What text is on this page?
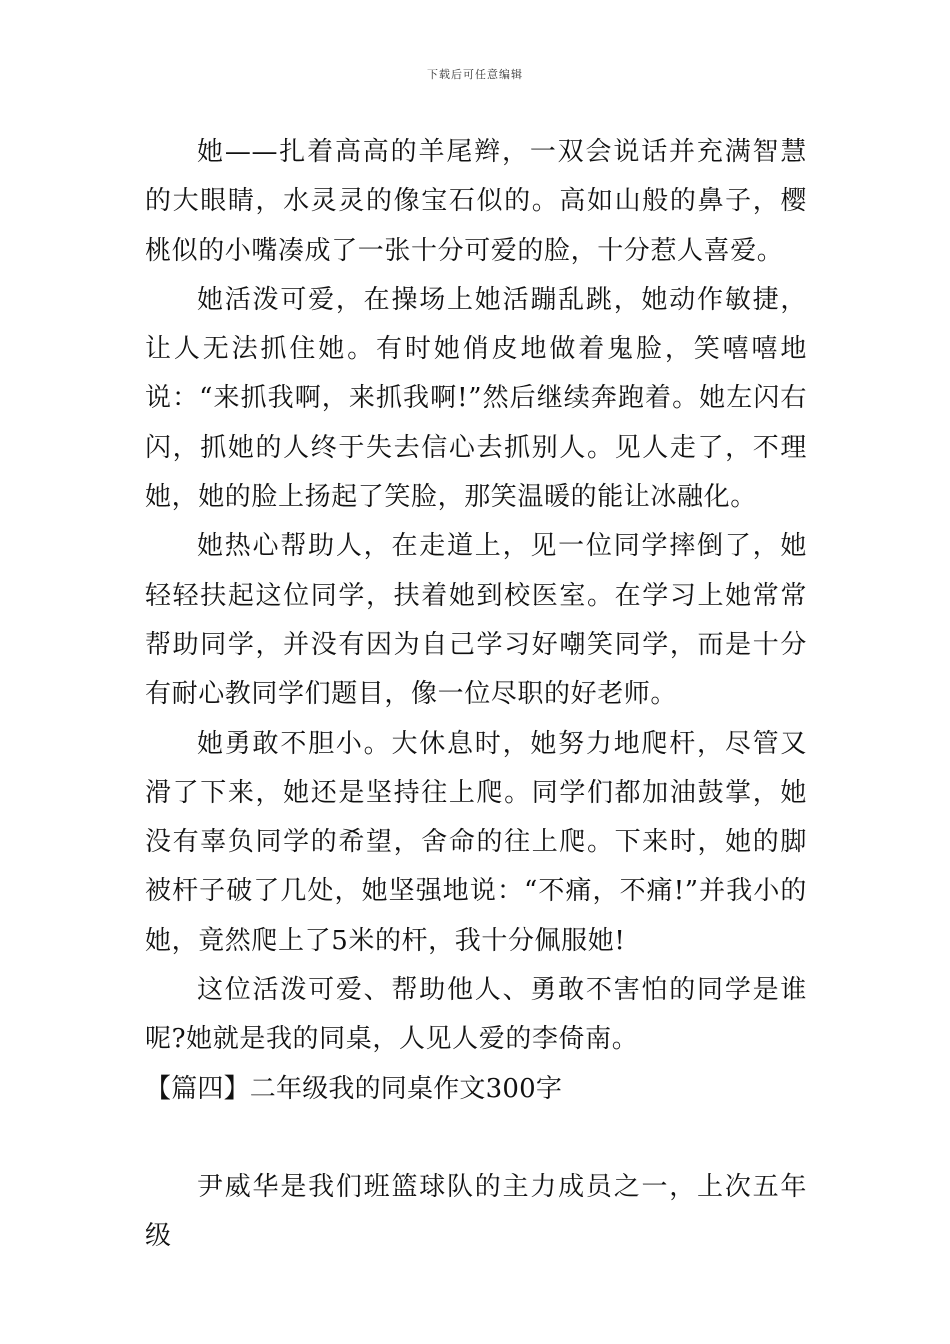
下载后可任意编辑

她——扎着高高的羊尾辫，一双会说话并充满智慧的大眼睛，水灵灵的像宝石似的。高如山般的鼻子，樱桃似的小嘴凑成了一张十分可爱的脸，十分惹人喜爱。

她活泼可爱，在操场上她活蹦乱跳，她动作敏捷，让人无法抓住她。有时她俏皮地做着鬼脸，笑嘻嘻地说：“来抓我啊，来抓我啊!”然后继续奔跑着。她左闪右闪，抓她的人终于失去信心去抓别人。见人走了，不理她，她的脸上扬起了笑脸，那笑温暖的能让冰融化。

她热心帮助人，在走道上，见一位同学摔倒了，她轻轻扶起这位同学，扶着她到校医室。在学习上她常常帮助同学，并没有因为自己学习好嘲笑同学，而是十分有耐心教同学们题目，像一位尽职的好老师。

她勇敢不胆小。大休息时，她努力地爬杆，尽管又滑了下来，她还是坚持往上爬。同学们都加油鼓掌，她没有辜负同学的希望，舍命的往上爬。下来时，她的脚被杆子破了几处，她坚强地说：“不痛，不痛!”并我小的她，竟然爬上了5米的杆，我十分佩服她!

这位活泼可爱、帮助他人、勇敢不害怕的同学是谁呢?她就是我的同桌，人见人爱的李倚南。

【篇四】二年级我的同桌作文300字

尹威华是我们班篮球队的主力成员之一，上次五年级
